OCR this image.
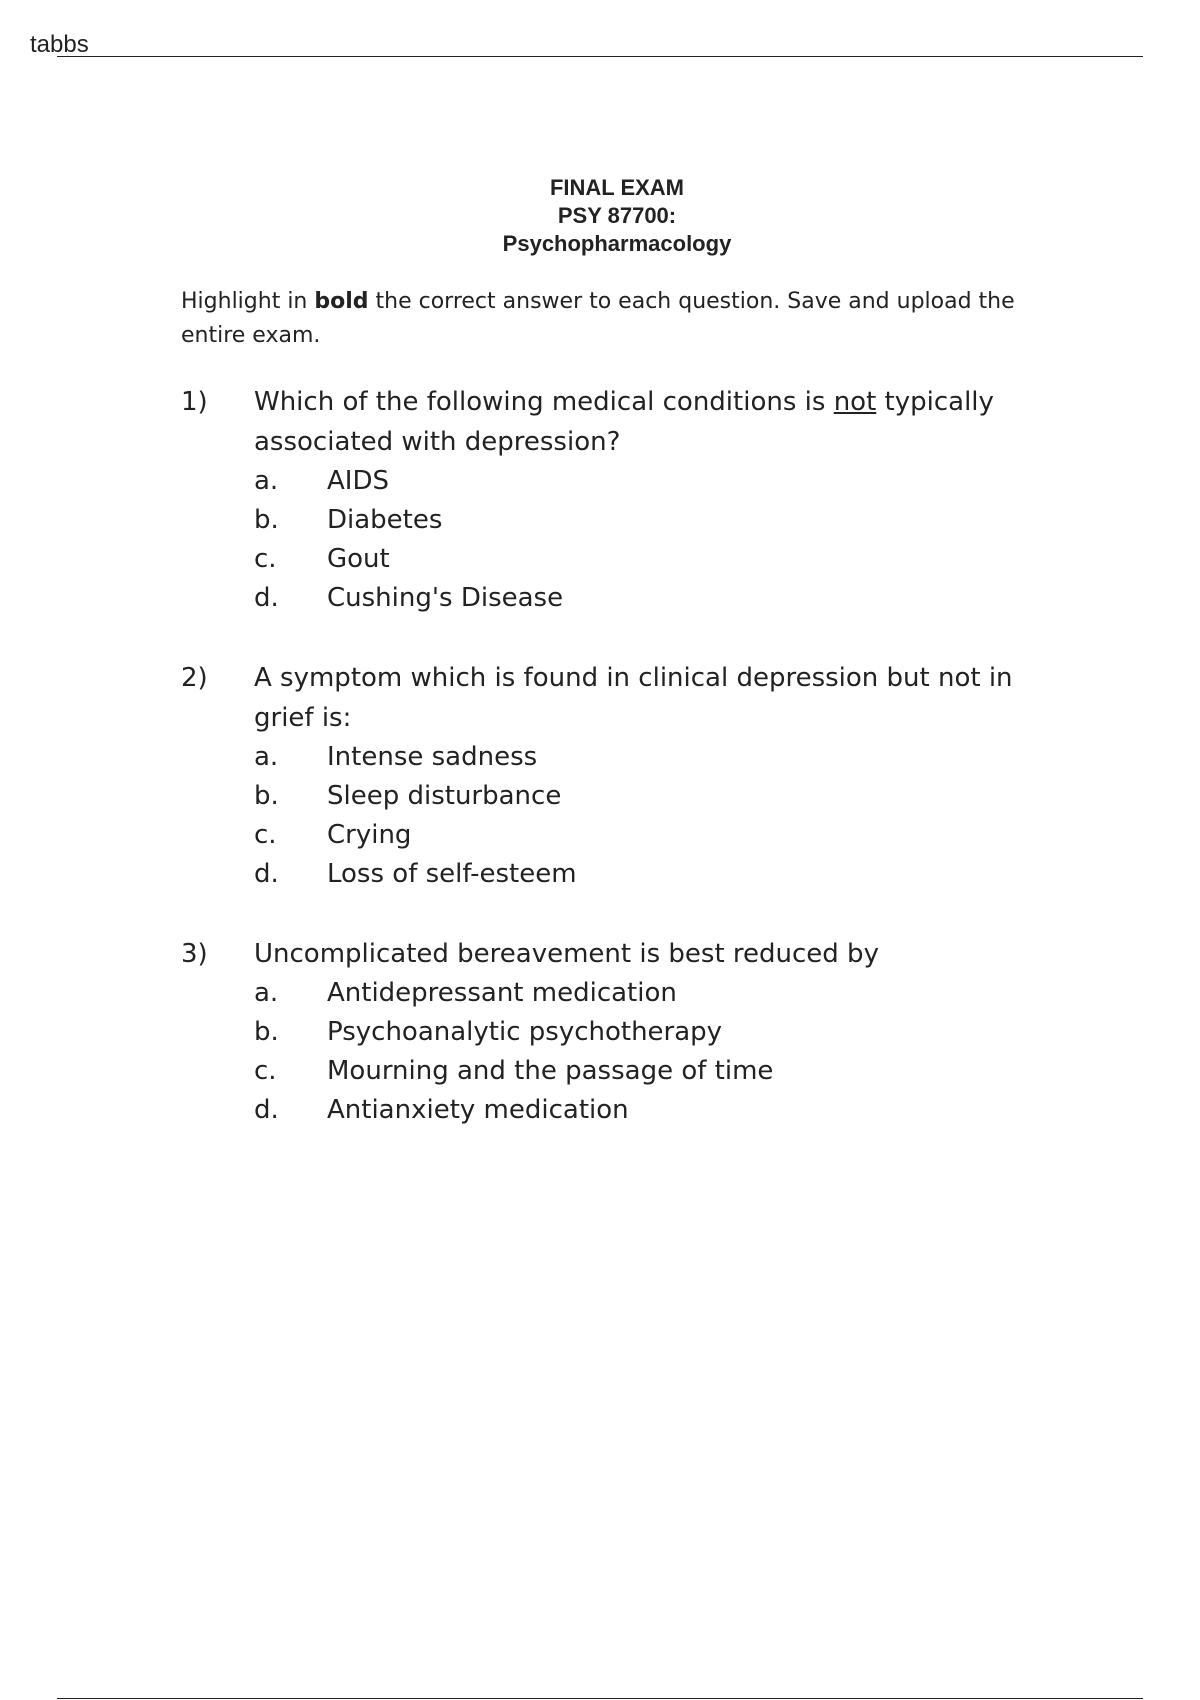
tabbs
FINAL EXAM
PSY 87700:
Psychopharmacology
Highlight in bold the correct answer to each question. Save and upload the entire exam.
1)	Which of the following medical conditions is not typically associated with depression?
a.	AIDS
b.	Diabetes
c.	Gout
d.	Cushing's Disease
2)	A symptom which is found in clinical depression but not in grief is:
a.	Intense sadness
b.	Sleep disturbance
c.	Crying
d.	Loss of self-esteem
3)	Uncomplicated bereavement is best reduced by
a.	Antidepressant medication
b.	Psychoanalytic psychotherapy
c.	Mourning and the passage of time
d.	Antianxiety medication
